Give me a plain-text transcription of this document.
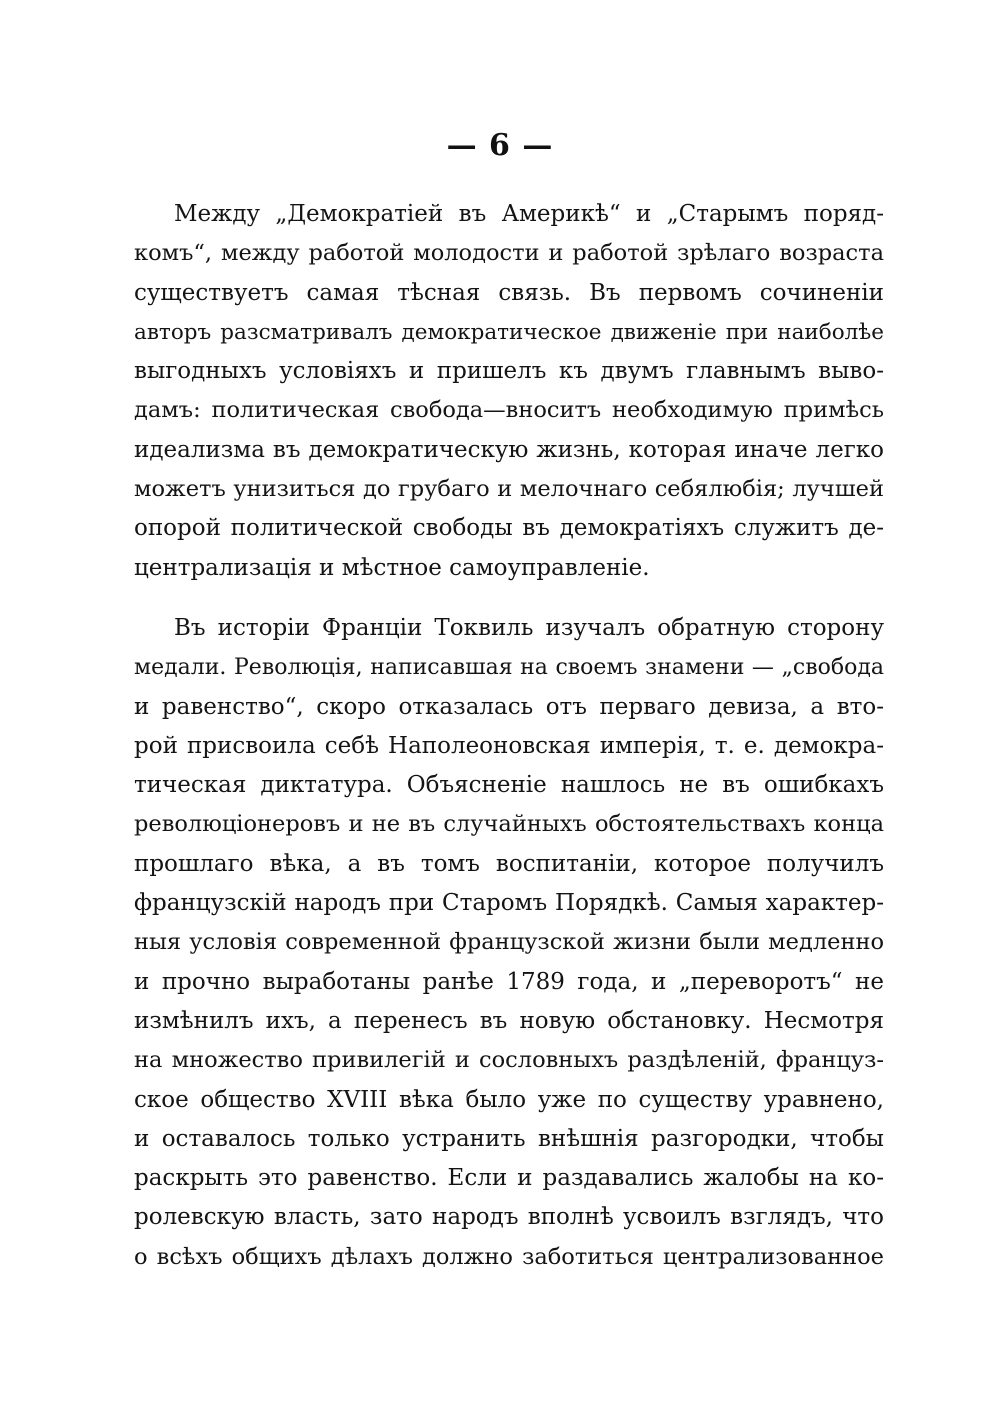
— 6 —
Между „Демократіей въ Америкѣ“ и „Старымъ поряд-
комъ“, между работой молодости и работой зрѣлаго возраста
существуетъ самая тѣсная связь. Въ первомъ сочиненіи
авторъ разсматривалъ демократическое движеніе при наиболѣе
выгодныхъ условіяхъ и пришелъ къ двумъ главнымъ выво-
дамъ: политическая свобода—вноситъ необходимую примѣсь
идеализма въ демократическую жизнь, которая иначе легко
можетъ унизиться до грубаго и мелочнаго себялюбія; лучшей
опорой политической свободы въ демократіяхъ служитъ де-
централизація и мѣстное самоуправленіе.
Въ исторіи Франціи Токвиль изучалъ обратную сторону
медали. Революція, написавшая на своемъ знамени — „свобода
и равенство“, скоро отказалась отъ перваго девиза, а вто-
рой присвоила себѣ Наполеоновская имперія, т. е. демокра-
тическая диктатура. Объясненіе нашлось не въ ошибкахъ
революціонеровъ и не въ случайныхъ обстоятельствахъ конца
прошлаго вѣка, а въ томъ воспитаніи, которое получилъ
французскій народъ при Старомъ Порядкѣ. Самыя характер-
ныя условія современной французской жизни были медленно
и прочно выработаны ранѣе 1789 года, и „переворотъ“ не
измѣнилъ ихъ, а перенесъ въ новую обстановку. Несмотря
на множество привилегій и сословныхъ раздѣленій, француз-
ское общество XVIII вѣка было уже по существу уравнено,
и оставалось только устранить внѣшнія разгородки, чтобы
раскрыть это равенство. Если и раздавались жалобы на ко-
ролевскую власть, зато народъ вполнѣ усвоилъ взглядъ, что
о всѣхъ общихъ дѣлахъ должно заботиться централизованное
